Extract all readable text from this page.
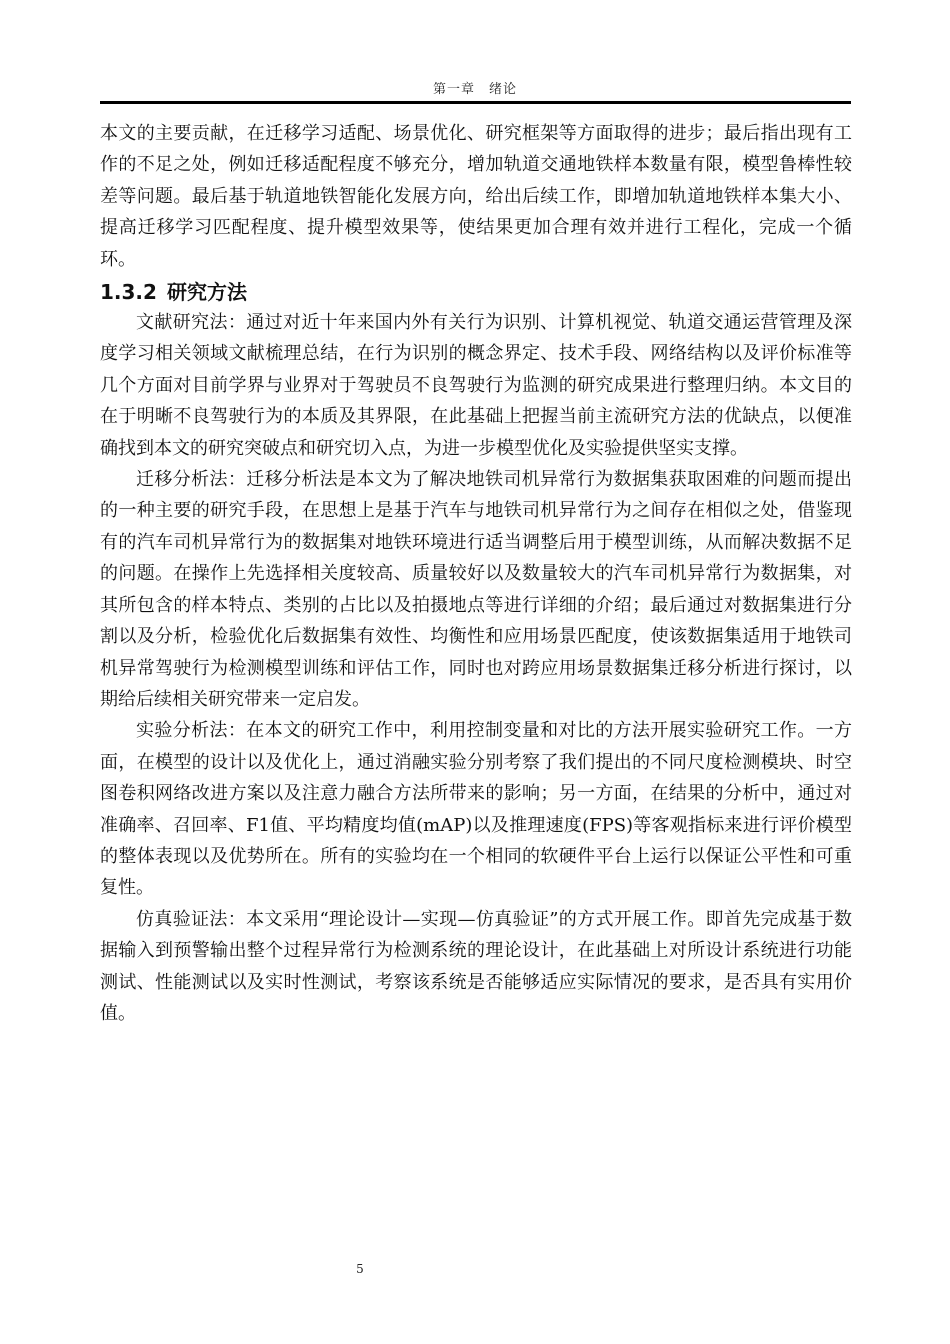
第一章　绪论

本文的主要贡献，在迁移学习适配、场景优化、研究框架等方面取得的进步；最后指出现有工作的不足之处，例如迁移适配程度不够充分，增加轨道交通地铁样本数量有限，模型鲁棒性较差等问题。最后基于轨道地铁智能化发展方向，给出后续工作，即增加轨道地铁样本集大小、提高迁移学习匹配程度、提升模型效果等，使结果更加合理有效并进行工程化，完成一个循环。

1.3.2 研究方法

文献研究法：通过对近十年来国内外有关行为识别、计算机视觉、轨道交通运营管理及深度学习相关领域文献梳理总结，在行为识别的概念界定、技术手段、网络结构以及评价标准等几个方面对目前学界与业界对于驾驶员不良驾驶行为监测的研究成果进行整理归纳。本文目的在于明晰不良驾驶行为的本质及其界限，在此基础上把握当前主流研究方法的优缺点，以便准确找到本文的研究突破点和研究切入点，为进一步模型优化及实验提供坚实支撑。

迁移分析法：迁移分析法是本文为了解决地铁司机异常行为数据集获取困难的问题而提出的一种主要的研究手段，在思想上是基于汽车与地铁司机异常行为之间存在相似之处，借鉴现有的汽车司机异常行为的数据集对地铁环境进行适当调整后用于模型训练，从而解决数据不足的问题。在操作上先选择相关度较高、质量较好以及数量较大的汽车司机异常行为数据集，对其所包含的样本特点、类别的占比以及拍摄地点等进行详细的介绍；最后通过对数据集进行分割以及分析，检验优化后数据集有效性、均衡性和应用场景匹配度，使该数据集适用于地铁司机异常驾驶行为检测模型训练和评估工作，同时也对跨应用场景数据集迁移分析进行探讨，以期给后续相关研究带来一定启发。

实验分析法：在本文的研究工作中，利用控制变量和对比的方法开展实验研究工作。一方面，在模型的设计以及优化上，通过消融实验分别考察了我们提出的不同尺度检测模块、时空图卷积网络改进方案以及注意力融合方法所带来的影响；另一方面，在结果的分析中，通过对准确率、召回率、F1值、平均精度均值(mAP)以及推理速度(FPS)等客观指标来进行评价模型的整体表现以及优势所在。所有的实验均在一个相同的软硬件平台上运行以保证公平性和可重复性。

仿真验证法：本文采用“理论设计—实现—仿真验证”的方式开展工作。即首先完成基于数据输入到预警输出整个过程异常行为检测系统的理论设计，在此基础上对所设计系统进行功能测试、性能测试以及实时性测试，考察该系统是否能够适应实际情况的要求，是否具有实用价值。

5
